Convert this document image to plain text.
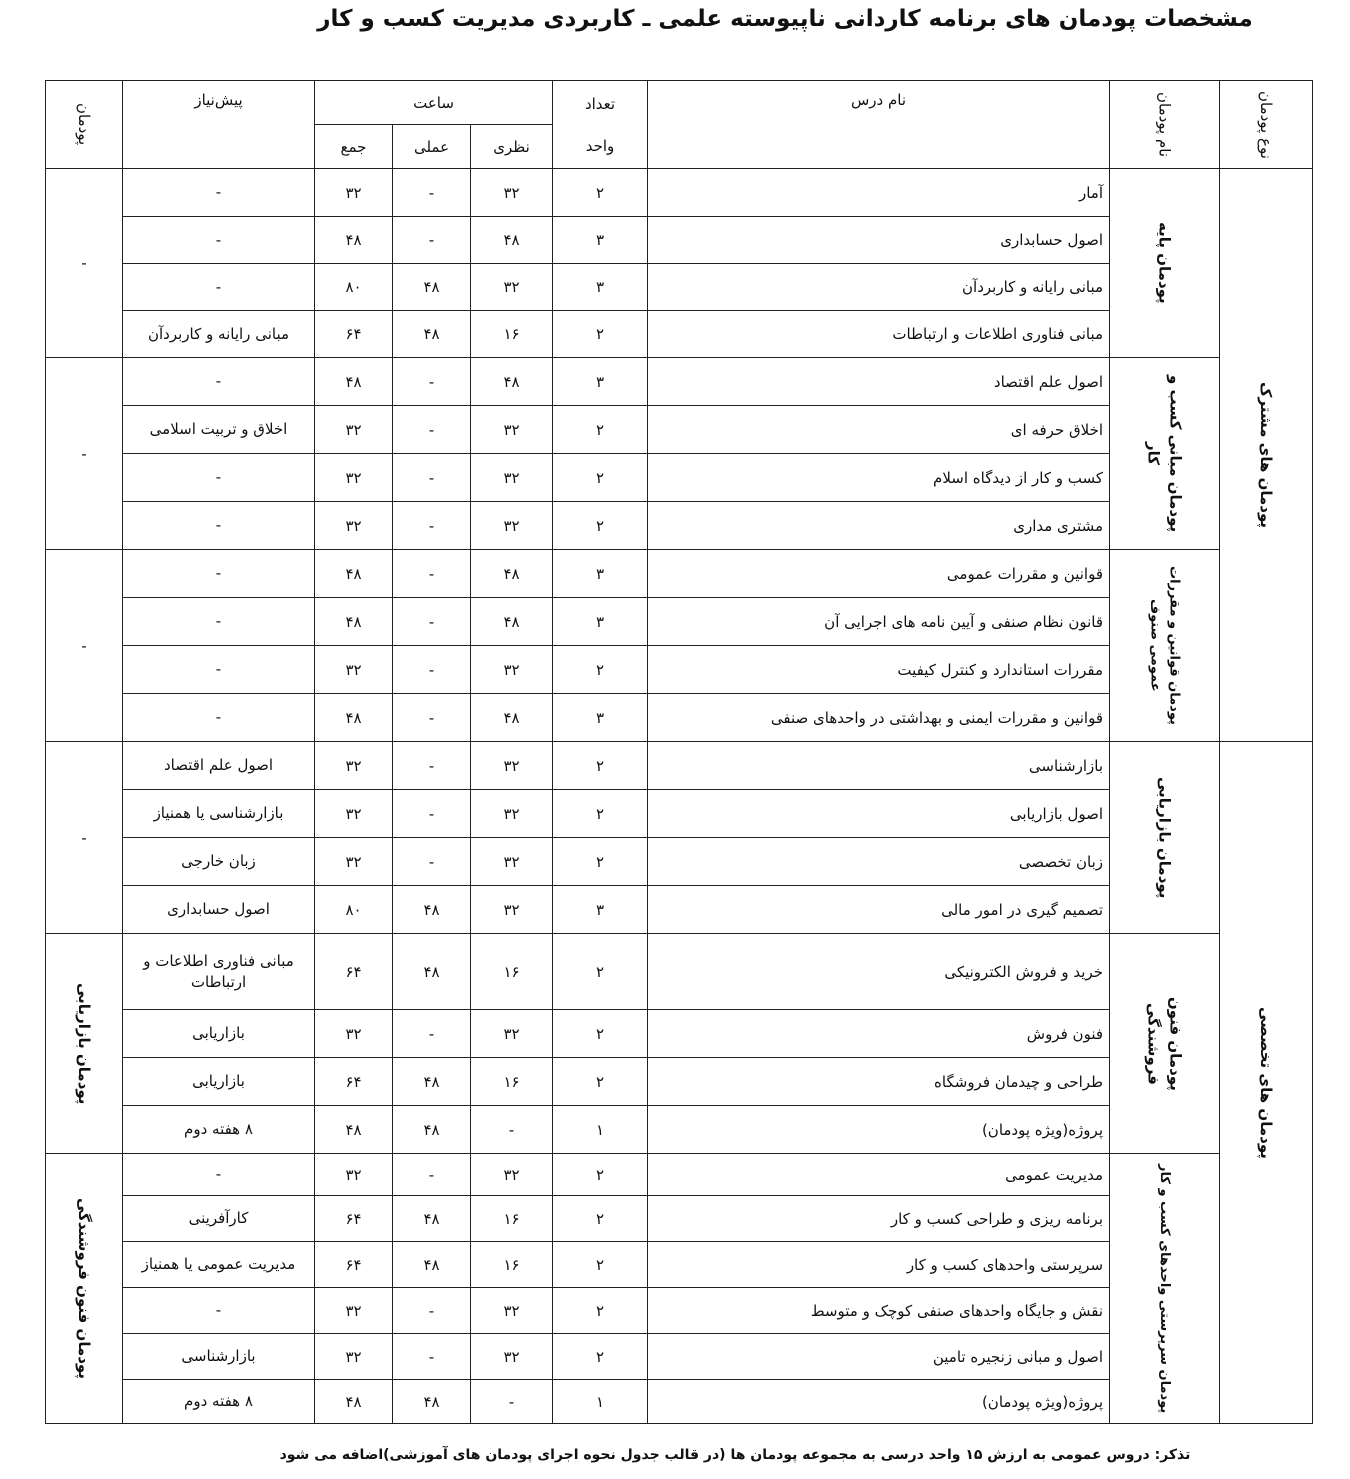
مشخصات پودمان های برنامه کاردانی ناپیوسته علمی ـ کاربردی مدیریت کسب و کار
نوع پودمان	نام پودمان	نام درس	تعداد واحد	ساعت			پیش‌نیاز	پودمان

				نظری	عملی	جمع		

پودمان های مشترک	پودمان پایه	آمار	۲	۳۲	-	۳۲	-	-

		اصول حسابداری	۳	۴۸	-	۴۸	-	
		مبانی رایانه و کاربردآن	۳	۳۲	۴۸	۸۰	-	
		مبانی فناوری اطلاعات و ارتباطات	۲	۱۶	۴۸	۶۴	مبانی رایانه و کاربردآن	

	پودمان مبانی کسب و کار	اصول علم اقتصاد	۳	۴۸	-	۴۸	-	-

		اخلاق حرفه ای	۲	۳۲	-	۳۲	اخلاق و تربیت اسلامی	
		کسب و کار از دیدگاه اسلام	۲	۳۲	-	۳۲	-	
		مشتری مداری	۲	۳۲	-	۳۲	-	

	پودمان قوانین و مقررات عمومی صنوف	قوانین و مقررات عمومی	۳	۴۸	-	۴۸	-	-

		قانون نظام صنفی و آیین نامه های اجرایی آن	۳	۴۸	-	۴۸	-	
		مقررات استاندارد و کنترل کیفیت	۲	۳۲	-	۳۲	-	
		قوانین و مقررات ایمنی و بهداشتی در واحدهای صنفی	۳	۴۸	-	۴۸	-	

پودمان های تخصصی	پودمان بازاریابی	بازارشناسی	۲	۳۲	-	۳۲	اصول علم اقتصاد	-

		اصول بازاریابی	۲	۳۲	-	۳۲	بازارشناسی یا همنیاز	
		زبان تخصصی	۲	۳۲	-	۳۲	زبان خارجی	
		تصمیم گیری در امور مالی	۳	۳۲	۴۸	۸۰	اصول حسابداری	

	پودمان فنون فروشندگی	خرید و فروش الکترونیکی	۲	۱۶	۴۸	۶۴	مبانی فناوری اطلاعات و ارتباطات	پودمان بازاریابی

		فنون فروش	۲	۳۲	-	۳۲	بازاریابی	
		طراحی و چیدمان فروشگاه	۲	۱۶	۴۸	۶۴	بازاریابی	
		پروژه(ویژه پودمان)	۱	-	۴۸	۴۸	۸ هفته دوم	

	پودمان سرپرستی واحدهای کسب و کار	مدیریت عمومی	۲	۳۲	-	۳۲	-	پودمان فنون فروشندگی

		برنامه ریزی و طراحی کسب و کار	۲	۱۶	۴۸	۶۴	کارآفرینی	
		سرپرستی واحدهای کسب و کار	۲	۱۶	۴۸	۶۴	مدیریت عمومی یا همنیاز	
		نقش و جایگاه واحدهای صنفی کوچک و متوسط	۲	۳۲	-	۳۲	-	
		اصول و مبانی زنجیره تامین	۲	۳۲	-	۳۲	بازارشناسی	
		پروژه(ویژه پودمان)	۱	-	۴۸	۴۸	۸ هفته دوم	
تذکر: دروس عمومی به ارزش ۱۵ واحد درسی به مجموعه پودمان ها (در قالب جدول نحوه اجرای پودمان های آموزشی)اضافه می شود
